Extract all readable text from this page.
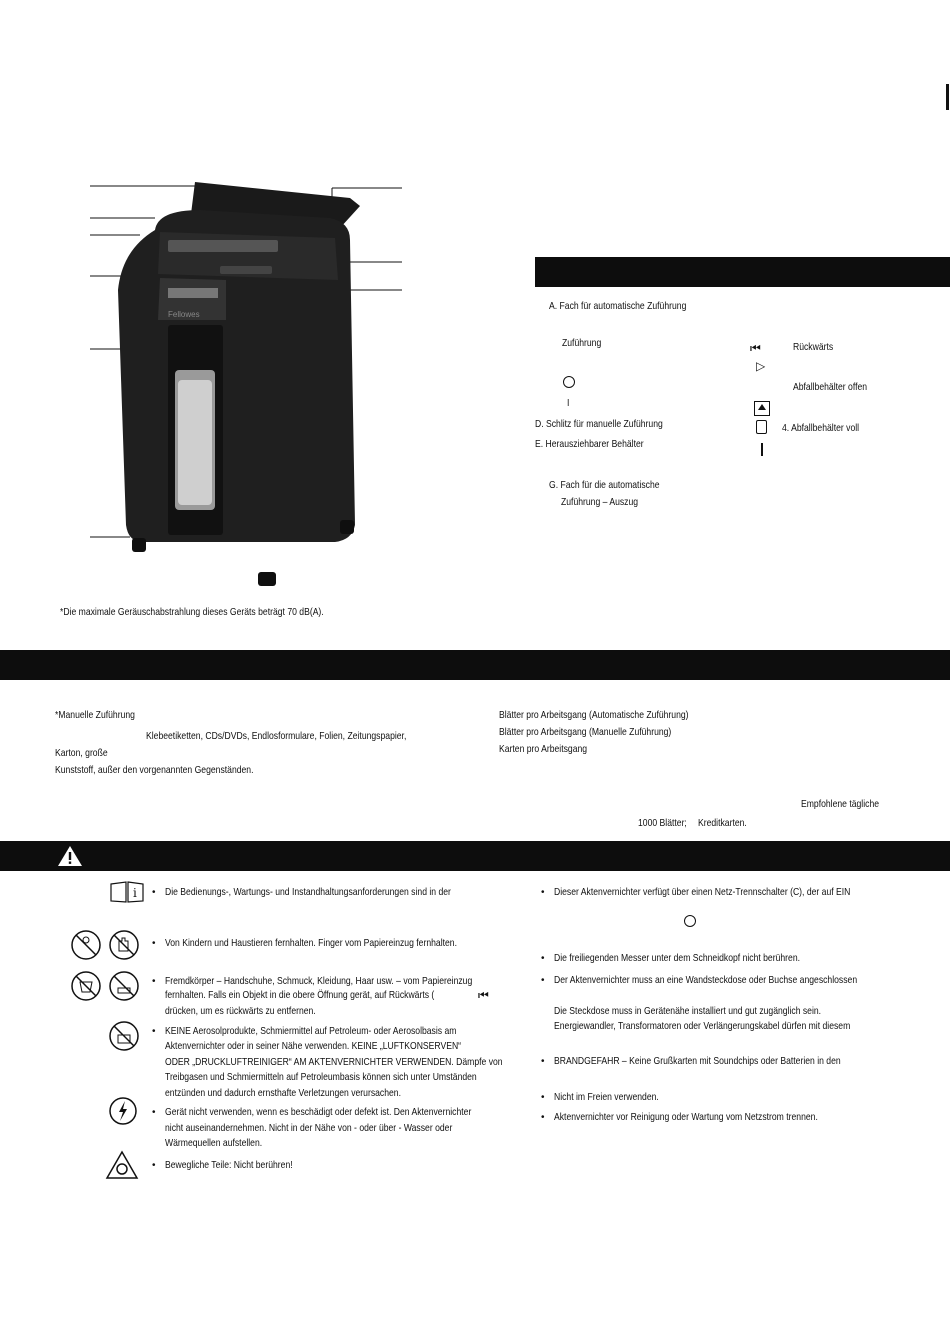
Fellowes
*Die maximale Geräuschabstrahlung dieses Geräts beträgt 70 dB(A).
A. Fach für automatische Zuführung
Zuführung
I
D. Schlitz für manuelle Zuführung
E. Herausziehbarer Behälter
G. Fach für die automatische
Zuführung – Auszug
⏮
▷
Rückwärts
Abfallbehälter offen
4. Abfallbehälter voll
*Manuelle Zuführung
Klebeetiketten, CDs/DVDs, Endlosformulare, Folien, Zeitungspapier,
Karton, große
Kunststoff, außer den vorgenannten Gegenständen.
Blätter pro Arbeitsgang (Automatische Zuführung)
Blätter pro Arbeitsgang (Manuelle Zuführung)
Karten pro Arbeitsgang
Empfohlene tägliche
1000 Blätter; Kreditkarten.
i • Die Bedienungs-, Wartungs- und Instandhaltungsanforderungen sind in der
• Von Kindern und Haustieren fernhalten. Finger vom Papiereinzug fernhalten.
• Fremdkörper – Handschuhe, Schmuck, Kleidung, Haar usw. – vom Papiereinzug
fernhalten. Falls ein Objekt in die obere Öffnung gerät, auf Rückwärts (	⏮
drücken, um es rückwärts zu entfernen.
• KEINE Aerosolprodukte, Schmiermittel auf Petroleum- oder Aerosolbasis am
Aktenvernichter oder in seiner Nähe verwenden. KEINE „LUFTKONSERVEN“
ODER „DRUCKLUFTREINIGER“ AM AKTENVERNICHTER VERWENDEN. Dämpfe von
Treibgasen und Schmiermitteln auf Petroleumbasis können sich unter Umständen
entzünden und dadurch ernsthafte Verletzungen verursachen.
• Gerät nicht verwenden, wenn es beschädigt oder defekt ist. Den Aktenvernichter
nicht auseinandernehmen. Nicht in der Nähe von - oder über - Wasser oder
Wärmequellen aufstellen.
• Bewegliche Teile: Nicht berühren!
• Dieser Aktenvernichter verfügt über einen Netz-Trennschalter (C), der auf EIN
• Die freiliegenden Messer unter dem Schneidkopf nicht berühren.
• Der Aktenvernichter muss an eine Wandsteckdose oder Buchse angeschlossen
Die Steckdose muss in Gerätenähe installiert und gut zugänglich sein.
Energiewandler, Transformatoren oder Verlängerungskabel dürfen mit diesem
• BRANDGEFAHR – Keine Grußkarten mit Soundchips oder Batterien in den
• Nicht im Freien verwenden.
• Aktenvernichter vor Reinigung oder Wartung vom Netzstrom trennen.
